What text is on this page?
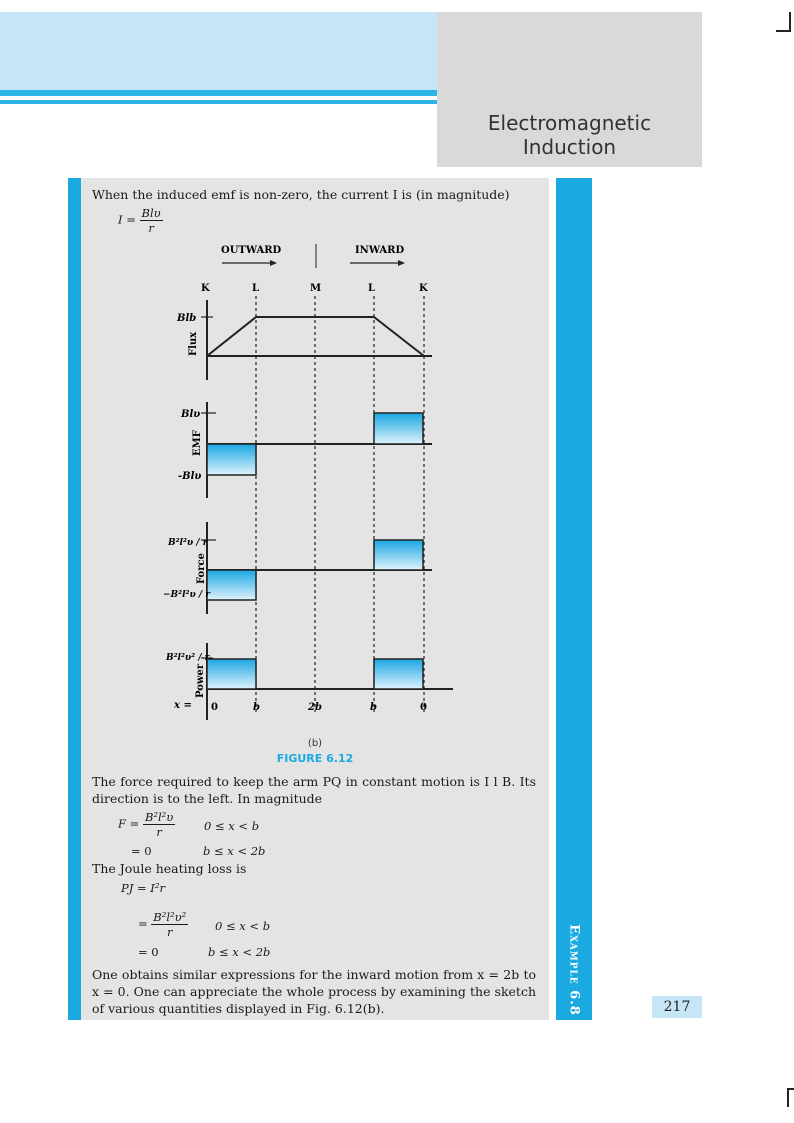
Electromagnetic
Induction
Example 6.8	217
When the induced emf is non-zero, the current I is (in magnitude)
$I = \frac{\text{Blυ}}{r}$
OUTWARD	INWARD
K	L	M	L	K
Blb
Flux
Blυ
-Blυ
EMF
B²l²υ / r
−B²l²υ / r
Force
B²l²υ² / r
Power
x = 0	b	2b	b	0
(b)
FIGURE 6.12
The force required to keep the arm PQ in constant motion is I l B. Its direction is to the left. In magnitude
$F = \frac{\text{B²l²υ}}{r} 0 \le x < b$
= 0	b ≤ x < 2b
The Joule heating loss is
PJ = I²r
= $\frac{\text{B²l²υ²}}{r} 0 \le x < b$
= 0	b ≤ x < 2b
One obtains similar expressions for the inward motion from x = 2b to x = 0. One can appreciate the whole process by examining the sketch of various quantities displayed in Fig. 6.12(b).
